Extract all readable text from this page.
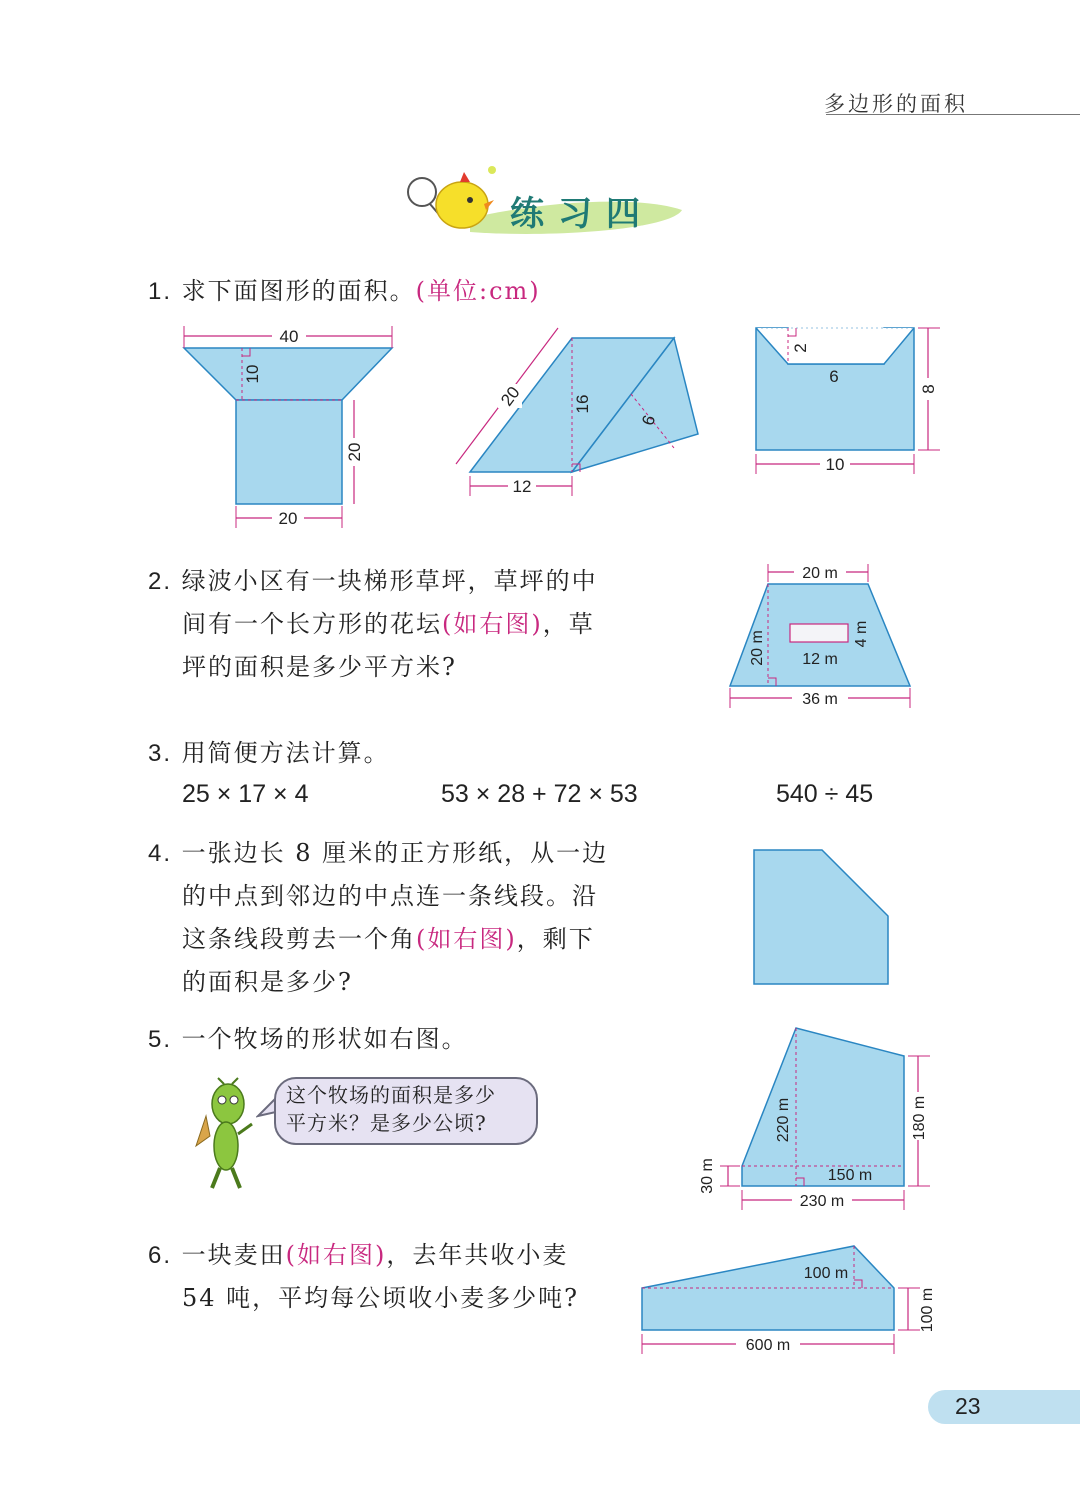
多边形的面积
练习四
1. 求下面图形的面积。(单位:cm)
40
10
20
20
20	16
6
12
2
6
8
10
2. 绿波小区有一块梯形草坪，草坪的中
间有一个长方形的花坛(如右图)，草
坪的面积是多少平方米?
20 m
20 m 12 m
4 m
36 m
3. 用简便方法计算。
25 × 17 × 4	53 × 28 + 72 × 53	540 ÷ 45
4. 一张边长 8 厘米的正方形纸，从一边
的中点到邻边的中点连一条线段。沿
这条线段剪去一个角(如右图)，剩下
的面积是多少?
5. 一个牧场的形状如右图。
这个牧场的面积是多少
平方米？是多少公顷?	220 m
150 m
180 m
30 m
230 m
6. 一块麦田(如右图)，去年共收小麦
54 吨，平均每公顷收小麦多少吨?
100 m
100 m
600 m
23
